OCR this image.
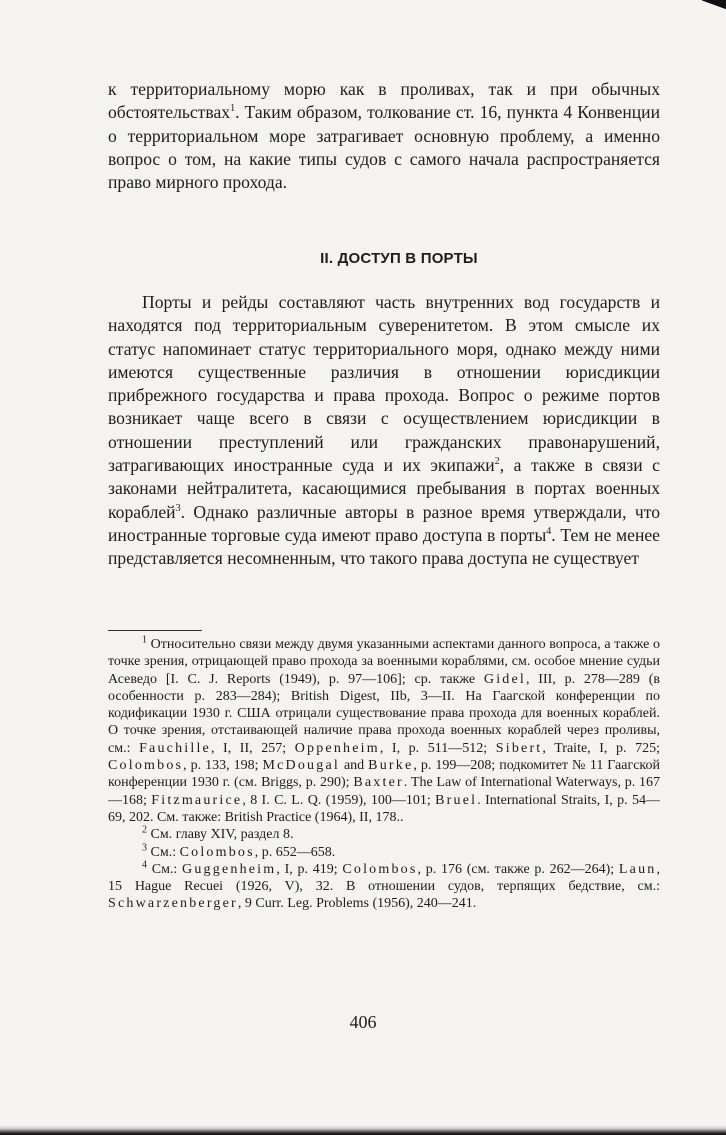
к территориальному морю как в проливах, так и при обычных обстоятельствах$^1$. Таким образом, толкование ст. 16, пункта 4 Конвенции о территориальном море затрагивает основную проблему, а именно вопрос о том, на какие типы судов с самого начала распространяется право мирного прохода.

II. ДОСТУП В ПОРТЫ

Порты и рейды составляют часть внутренних вод государств и находятся под территориальным суверенитетом. В этом смысле их статус напоминает статус территориального моря, однако между ними имеются существенные различия в отношении юрисдикции прибрежного государства и права прохода. Вопрос о режиме портов возникает чаще всего в связи с осуществлением юрисдикции в отношении преступлений или гражданских правонарушений, затрагивающих иностранные суда и их экипажи$^2$, а также в связи с законами нейтралитета, касающимися пребывания в портах военных кораблей$^3$. Однако различные авторы в разное время утверждали, что иностранные торговые суда имеют право доступа в порты$^4$. Тем не менее представляется несомненным, что такого права доступа не существует

$^1$ Относительно связи между двумя указанными аспектами данного вопроса, а также о точке зрения, отрицающей право прохода за военными кораблями, см. особое мнение судьи Асеведо [I. C. J. Reports (1949), p. 97—106]; ср. также Gidel, III, p. 278—289 (в особенности p. 283—284); British Digest, IIb, 3—II. На Гаагской конференции по кодификации 1930 г. США отрицали существование права прохода для военных кораблей. О точке зрения, отстаивающей наличие права прохода военных кораблей через проливы, см.: Fauchille, I, II, 257; Oppenheim, I, p. 511—512; Sibert, Traite, I, p. 725; Colombos, p. 133, 198; McDougal and Burke, p. 199—208; подкомитет № 11 Гаагской конференции 1930 г. (см. Briggs, p. 290); Baxter. The Law of International Waterways, p. 167—168; Fitzmaurice, 8 I. C. L. Q. (1959), 100—101; Bruel. International Straits, I, p. 54—69, 202. См. также: British Practice (1964), II, 178..

$^2$ См. главу XIV, раздел 8.

$^3$ См.: Colombos, p. 652—658.

$^4$ См.: Guggenheim, I, p. 419; Colombos, p. 176 (см. также p. 262—264); Laun, 15 Hague Recuei (1926, V), 32. В отношении судов, терпящих бедствие, см.: Schwarzenberger, 9 Curr. Leg. Problems (1956), 240—241.

406
